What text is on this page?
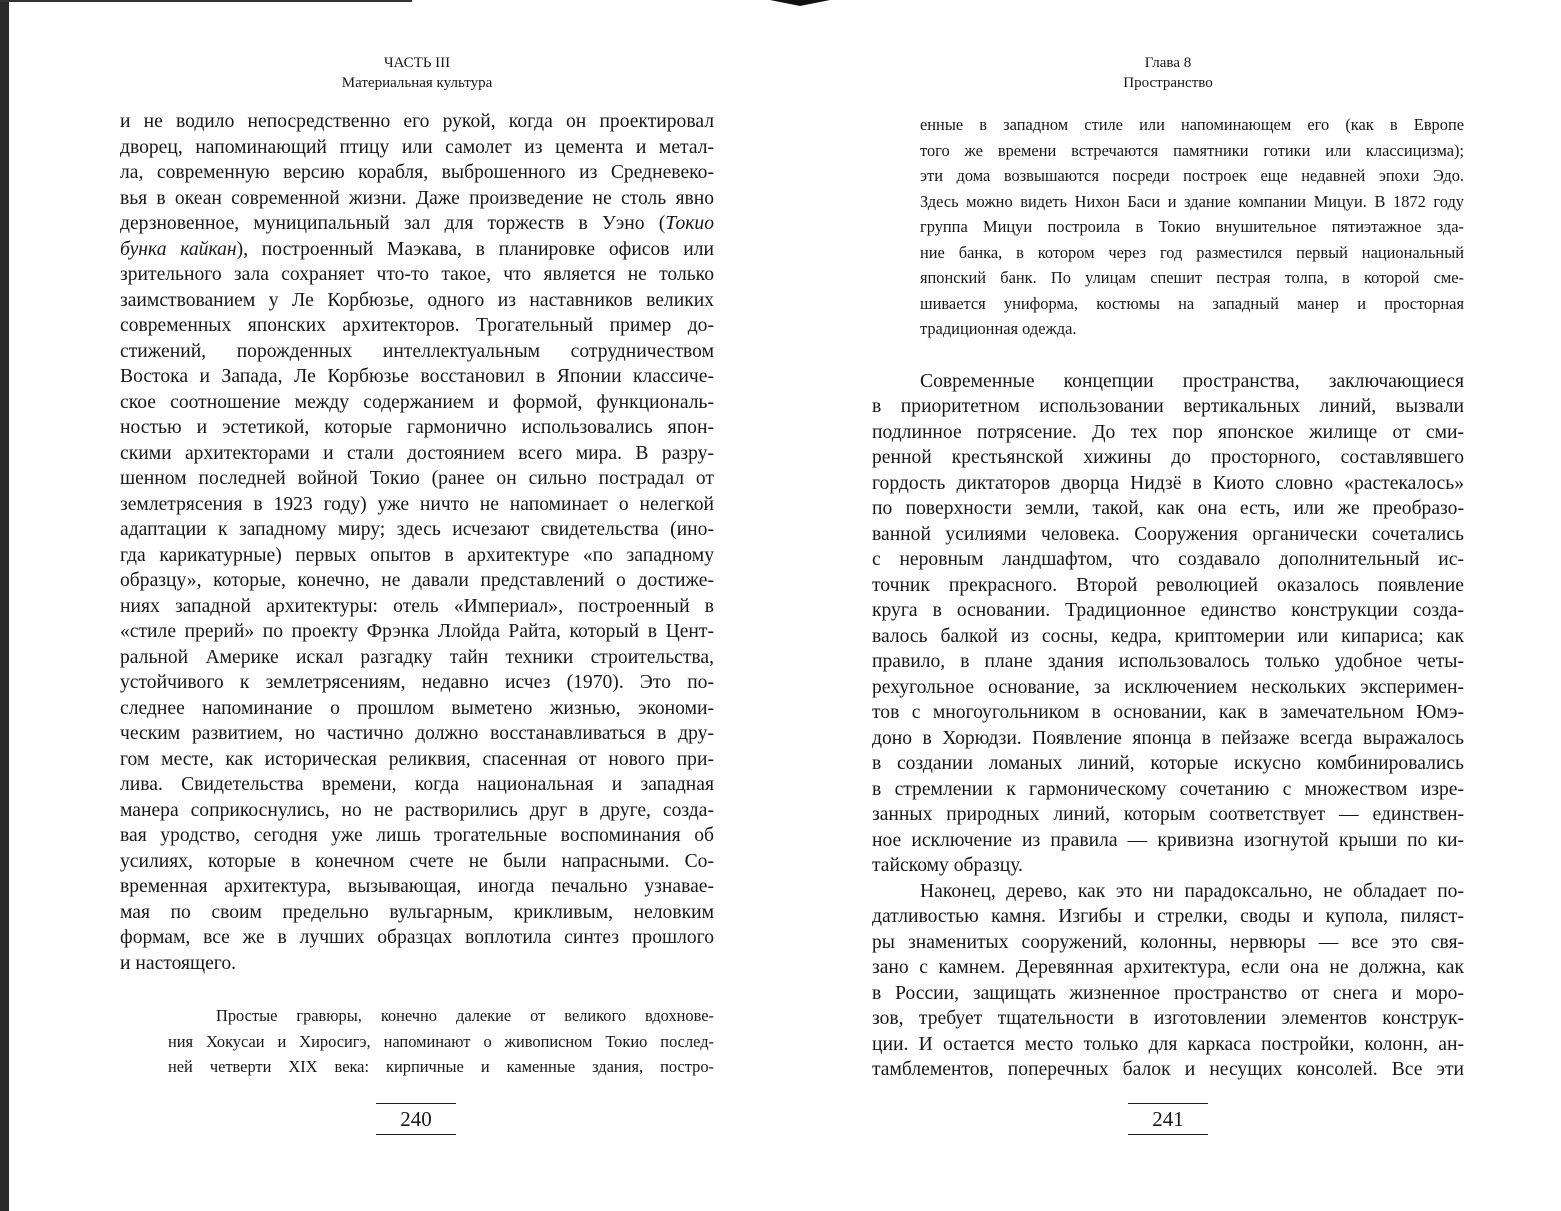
ЧАСТЬ III
Материальная культура
и не водило непосредственно его рукой, когда он проектировал
дворец, напоминающий птицу или самолет из цемента и метал-
ла, современную версию корабля, выброшенного из Средневеко-
вья в океан современной жизни. Даже произведение не столь явно
дерзновенное, муниципальный зал для торжеств в Уэно (Токио
бунка кайкан), построенный Маэкава, в планировке офисов или
зрительного зала сохраняет что-то такое, что является не только
заимствованием у Ле Корбюзье, одного из наставников великих
современных японских архитекторов. Трогательный пример до-
стижений, порожденных интеллектуальным сотрудничеством
Востока и Запада, Ле Корбюзье восстановил в Японии классиче-
ское соотношение между содержанием и формой, функциональ-
ностью и эстетикой, которые гармонично использовались япон-
скими архитекторами и стали достоянием всего мира. В разру-
шенном последней войной Токио (ранее он сильно пострадал от
землетрясения в 1923 году) уже ничто не напоминает о нелегкой
адаптации к западному миру; здесь исчезают свидетельства (ино-
гда карикатурные) первых опытов в архитектуре «по западному
образцу», которые, конечно, не давали представлений о достиже-
ниях западной архитектуры: отель «Империал», построенный в
«стиле прерий» по проекту Фрэнка Ллойда Райта, который в Цент-
ральной Америке искал разгадку тайн техники строительства,
устойчивого к землетрясениям, недавно исчез (1970). Это по-
следнее напоминание о прошлом выметено жизнью, экономи-
ческим развитием, но частично должно восстанавливаться в дру-
гом месте, как историческая реликвия, спасенная от нового при-
лива. Свидетельства времени, когда национальная и западная
манера соприкоснулись, но не растворились друг в друге, созда-
вая уродство, сегодня уже лишь трогательные воспоминания об
усилиях, которые в конечном счете не были напрасными. Со-
временная архитектура, вызывающая, иногда печально узнавае-
мая по своим предельно вульгарным, крикливым, неловким
формам, все же в лучших образцах воплотила синтез прошлого
и настоящего.
Простые гравюры, конечно далекие от великого вдохнове-
ния Хокусаи и Хиросигэ, напоминают о живописном Токио послед-
ней четверти XIX века: кирпичные и каменные здания, постро-
240
Глава 8
Пространство
енные в западном стиле или напоминающем его (как в Европе
того же времени встречаются памятники готики или классицизма);
эти дома возвышаются посреди построек еще недавней эпохи Эдо.
Здесь можно видеть Нихон Баси и здание компании Мицуи. В 1872 году
группа Мицуи построила в Токио внушительное пятиэтажное зда-
ние банка, в котором через год разместился первый национальный
японский банк. По улицам спешит пестрая толпа, в которой сме-
шивается униформа, костюмы на западный манер и просторная
традиционная одежда.
Современные концепции пространства, заключающиеся
в приоритетном использовании вертикальных линий, вызвали
подлинное потрясение. До тех пор японское жилище от сми-
ренной крестьянской хижины до просторного, составлявшего
гордость диктаторов дворца Нидзё в Киото словно «растекалось»
по поверхности земли, такой, как она есть, или же преобразо-
ванной усилиями человека. Сооружения органически сочетались
с неровным ландшафтом, что создавало дополнительный ис-
точник прекрасного. Второй революцией оказалось появление
круга в основании. Традиционное единство конструкции созда-
валось балкой из сосны, кедра, криптомерии или кипариса; как
правило, в плане здания использовалось только удобное четы-
рехугольное основание, за исключением нескольких эксперимен-
тов с многоугольником в основании, как в замечательном Юмэ-
доно в Хорюдзи. Появление японца в пейзаже всегда выражалось
в создании ломаных линий, которые искусно комбинировались
в стремлении к гармоническому сочетанию с множеством изре-
занных природных линий, которым соответствует — единствен-
ное исключение из правила — кривизна изогнутой крыши по ки-
тайскому образцу.
Наконец, дерево, как это ни парадоксально, не обладает по-
датливостью камня. Изгибы и стрелки, своды и купола, пиляст-
ры знаменитых сооружений, колонны, нервюры — все это свя-
зано с камнем. Деревянная архитектура, если она не должна, как
в России, защищать жизненное пространство от снега и моро-
зов, требует тщательности в изготовлении элементов конструк-
ции. И остается место только для каркаса постройки, колонн, ан-
тамблементов, поперечных балок и несущих консолей. Все эти
241
